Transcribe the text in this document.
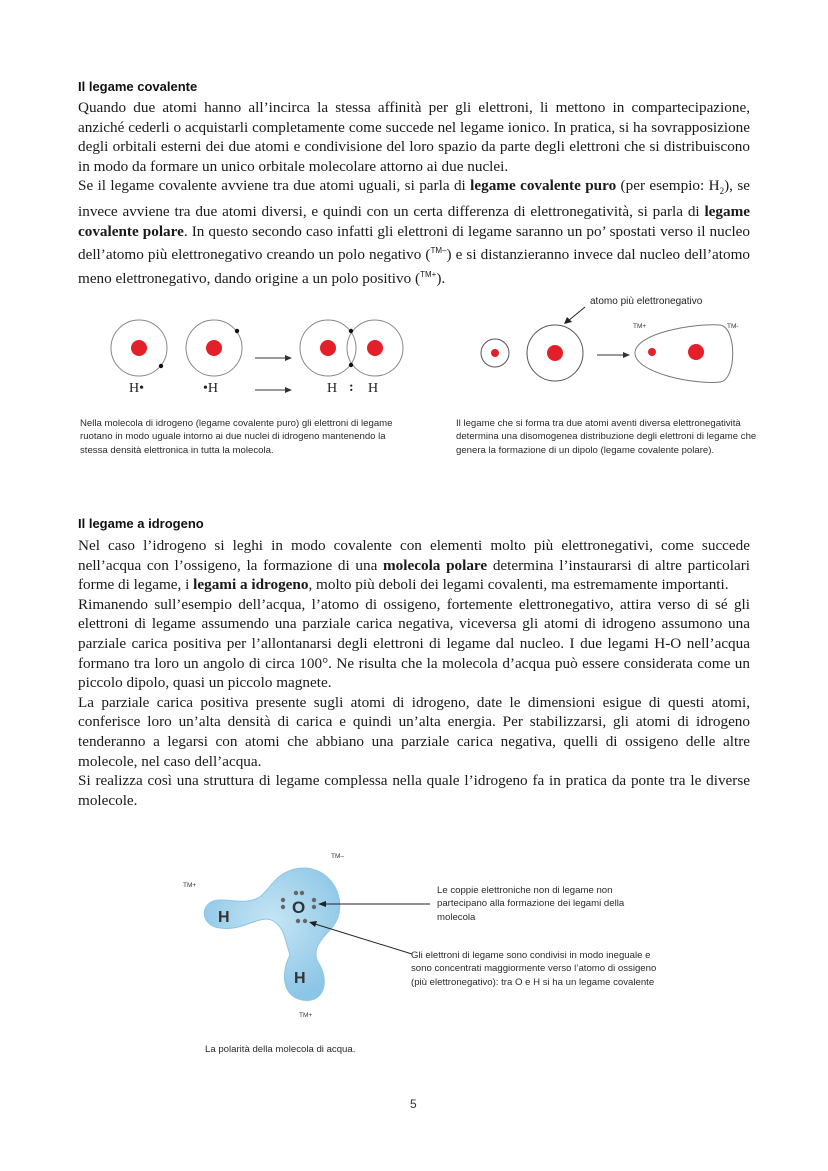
Il legame covalente

Quando due atomi hanno all’incirca la stessa affinità per gli elettroni, li mettono in compartecipazione, anziché cederli o acquistarli completamente come succede nel legame ionico. In pratica, si ha sovrapposizione degli orbitali esterni dei due atomi e condivisione del loro spazio da parte degli elettroni che si distribuiscono in modo da formare un unico orbitale molecolare attorno ai due nuclei.

Se il legame covalente avviene tra due atomi uguali, si parla di legame covalente puro (per esempio: $H_2$), se invece avviene tra due atomi diversi, e quindi con un certa differenza di elettronegatività, si parla di legame covalente polare. In questo secondo caso infatti gli elettroni di legame saranno un po’ spostati verso il nucleo dell’atomo più elettronegativo creando un polo negativo ($^{TM-}$) e si distanzieranno invece dal nucleo dell’atomo meno elettronegativo, dando origine a un polo positivo ($^{TM+}$).

H•	•H	H : H
Nella molecola di idrogeno (legame covalente puro) gli elettroni di legame ruotano in modo uguale intorno ai due nuclei di idrogeno mantenendo la stessa densità elettronica in tutta la molecola.
atomo più elettronegativo
TM+	TM-
Il legame che si forma tra due atomi aventi diversa elettronegatività determina una disomogenea distribuzione degli elettroni di legame che genera la formazione di un dipolo (legame covalente polare).
Il legame a idrogeno

Nel caso l’idrogeno si leghi in modo covalente con elementi molto più elettronegativi, come succede nell’acqua con l’ossigeno, la formazione di una molecola polare determina l’instaurarsi di altre particolari forme di legame, i legami a idrogeno, molto più deboli dei legami covalenti, ma estremamente importanti.

Rimanendo sull’esempio dell’acqua, l’atomo di ossigeno, fortemente elettronegativo, attira verso di sé gli elettroni di legame assumendo una parziale carica negativa, viceversa gli atomi di idrogeno assumono una parziale carica positiva per l’allontanarsi degli elettroni di legame dal nucleo. I due legami H-O nell’acqua formano tra loro un angolo di circa 100°. Ne risulta che la molecola d’acqua può essere considerata come un piccolo dipolo, quasi un piccolo magnete.

La parziale carica positiva presente sugli atomi di idrogeno, date le dimensioni esigue di questi atomi, conferisce loro un’alta densità di carica e quindi un’alta energia. Per stabilizzarsi, gli atomi di idrogeno tenderanno a legarsi con atomi che abbiano una parziale carica negativa, quelli di ossigeno delle altre molecole, nel caso dell’acqua.

Si realizza così una struttura di legame complessa nella quale l’idrogeno fa in pratica da ponte tra le diverse molecole.

H
H
O
TM+
TM–
TM+
Le coppie elettroniche non di legame non partecipano alla formazione dei legami della molecola
Gli elettroni di legame sono condivisi in modo ineguale e sono concentrati maggiormente verso l’atomo di ossigeno (più elettronegativo): tra O e H si ha un legame covalente
La polarità della molecola di acqua.
5
